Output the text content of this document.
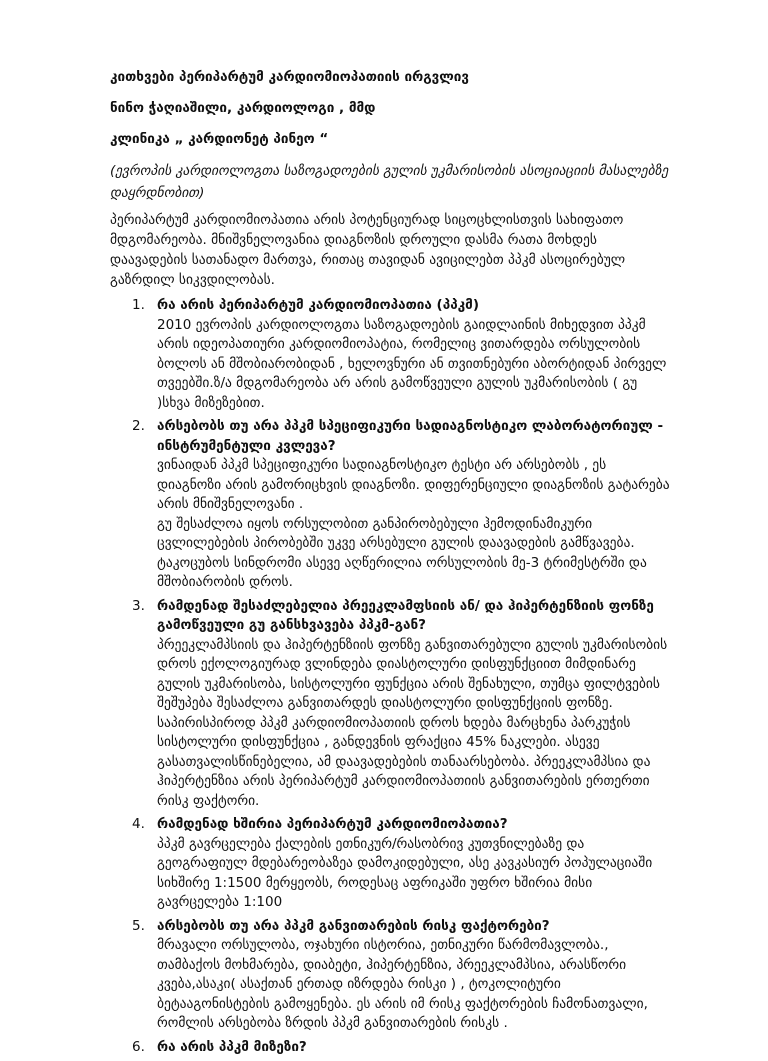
კითხვები პერიპარტუმ კარდიომიოპათიის ირგვლივ
ნინო ჭაღიაშილი, კარდიოლოგი , მმდ
კლინიკა „ კარდიონეტ პინეო “
(ევროპის კარდიოლოგთა საზოგადოების გულის უკმარისობის ასოციაციის მასალებზე დაყრდნობით)
პერიპარტუმ კარდიომიოპათია არის პოტენციურად სიცოცხლისთვის სახიფათო მდგომარეობა. მნიშვნელოვანია დიაგნოზის დროული დასმა რათა მოხდეს დაავადების სათანადო მართვა, რითაც თავიდან ავიცილებთ პპკმ ასოცირებულ გაზრდილ სიკვდილობას.
1. რა არის პერიპარტუმ კარდიომიოპათია (პპკმ)

2010 ევროპის კარდიოლოგთა საზოგადოების გაიდლაინის მიხედვით პპკმ არის იდეოპათიური კარდიომიოპატია, რომელიც ვითარდება ორსულობის ბოლოს ან მშობიარობიდან , ხელოვნური ან თვითნებური აბორტიდან პირველ თვეებში.ზ/ა მდგომარეობა არ არის გამოწვეული გულის უკმარისობის ( გუ )სხვა მიზეზებით.

2. არსებობს თუ არა პპკმ სპეციფიკური სადიაგნოსტიკო ლაბორატორიულ - ინსტრუმენტული კვლევა?

ვინაიდან პპკმ სპეციფიკური სადიაგნოსტიკო ტესტი არ არსებობს , ეს დიაგნოზი არის გამორიცხვის დიაგნოზი. დიფერენციული დიაგნოზის გატარება არის მნიშვნელოვანი .
გუ შესაძლოა იყოს ორსულობით განპირობებული ჰემოდინამიკური ცვლილებების პირობებში უკვე არსებული გულის დაავადების გამწვავება. ტაკოცუბოს სინდრომი ასევე აღწერილია ორსულობის მე-3 ტრიმესტრში და მშობიარობის დროს.

3. რამდენად შესაძლებელია პრეეკლამფსიის ან/ და ჰიპერტენზიის ფონზე გამოწვეული გუ განსხვავება პპკმ-გან?

პრეეკლამპსიის და ჰიპერტენზიის ფონზე განვითარებული გულის უკმარისობის დროს ექოლოგიურად ვლინდება დიასტოლური დისფუნქციით მიმდინარე გულის უკმარისობა, სისტოლური ფუნქცია არის შენახული, თუმცა ფილტვების შეშუპება შესაძლოა განვითარდეს დიასტოლური დისფუნქციის ფონზე. საპირისპიროდ პპკმ კარდიომიოპათიის დროს ხდება მარცხენა პარკუჭის სისტოლური დისფუნქცია , განდევნის ფრაქცია 45% ნაკლები. ასევე გასათვალისწინებელია, ამ დაავადებების თანაარსებობა. პრეეკლამპსია და ჰიპერტენზია არის პერიპარტუმ კარდიომიოპათიის განვითარების ერთერთი რისკ ფაქტორი.

4. რამდენად ხშირია პერიპარტუმ კარდიომიოპათია?

პპკმ გავრცელება ქალების ეთნიკურ/რასობრივ კუთვნილებაზე და გეოგრაფიულ მდებარეობაზეა დამოკიდებული, ასე კავკასიურ პოპულაციაში სიხშირე 1:1500 მერყეობს, როდესაც აფრიკაში უფრო ხშირია მისი გავრცელება 1:100

5. არსებობს თუ არა პპკმ განვითარების რისკ ფაქტორები?

მრავალი ორსულობა, ოჯახური ისტორია, ეთნიკური წარმომავლობა., თამბაქოს მოხმარება, დიაბეტი, ჰიპერტენზია, პრეეკლამპსია, არასწორი კვება,ასაკი( ასაქთან ერთად იზრდება რისკი ) , ტოკოლიტური ბეტააგონისტების გამოყენება. ეს არის იმ რისკ ფაქტორების ჩამონათვალი, რომლის არსებობა ზრდის პპკმ განვითარების რისკს .

6. რა არის პპკმ მიზეზი?
